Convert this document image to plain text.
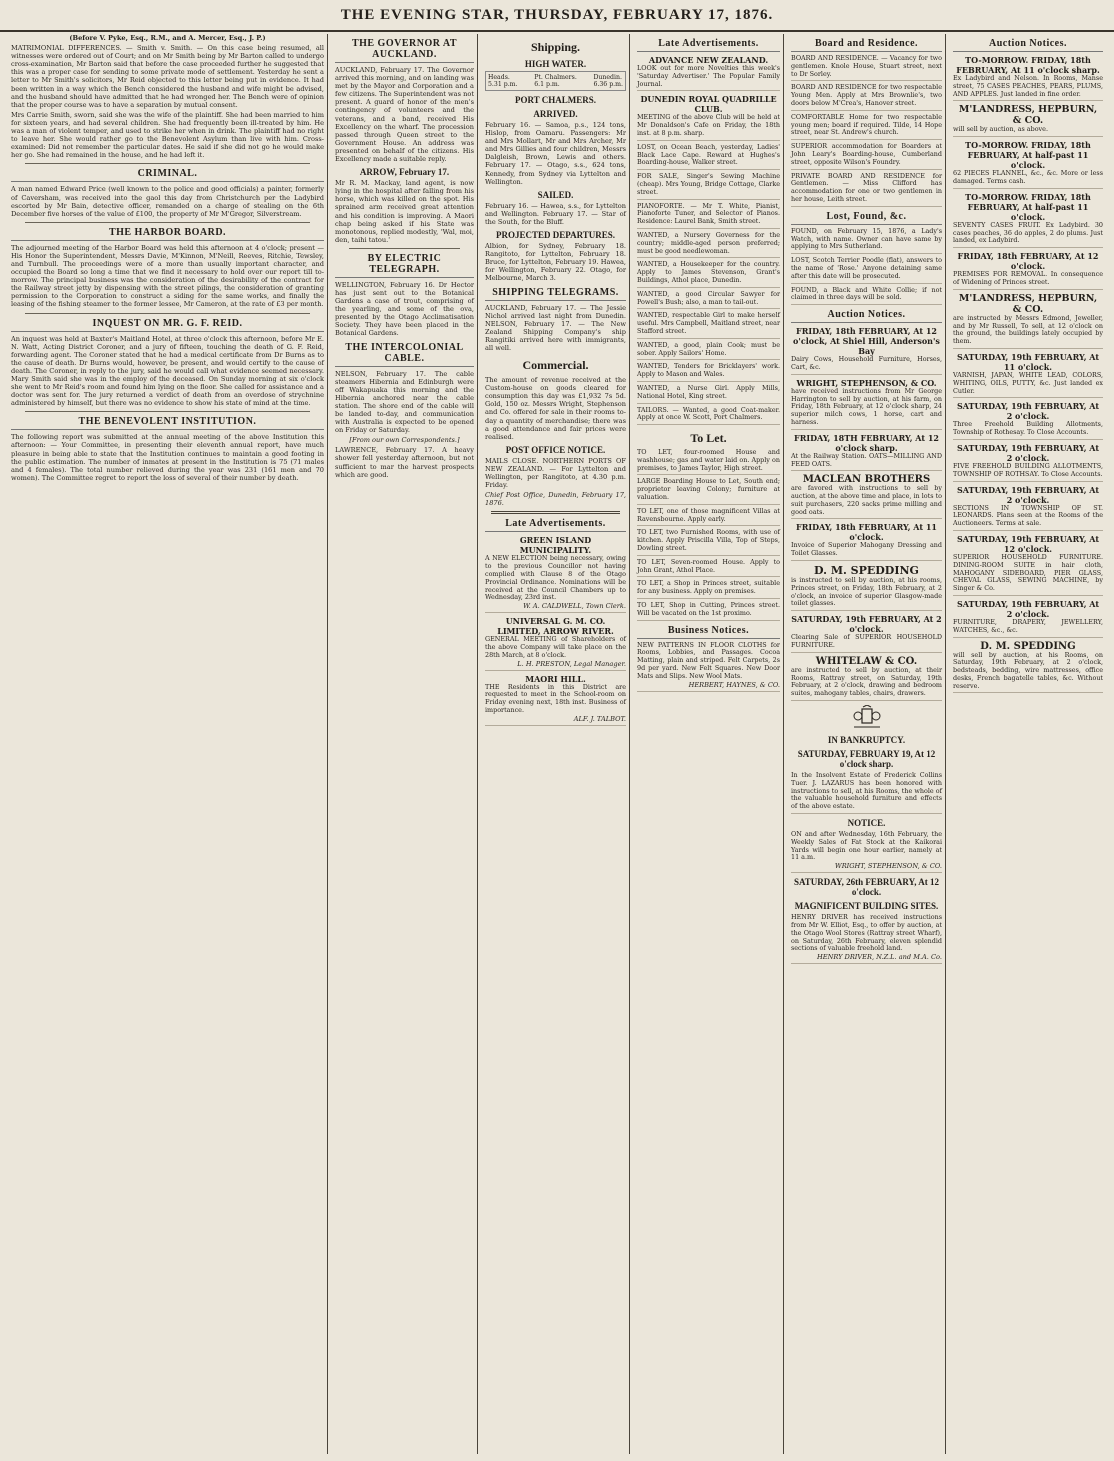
THE EVENING STAR, THURSDAY, FEBRUARY 17, 1876.
(Before V. Pyke, Esq., R.M., and A. Mercer, Esq., J. P.)
MATRIMONIAL DIFFERENCES. — Smith v. Smith. — On this case being resumed, all witnesses were ordered out of Court; and on Mr Smith being by Mr Barton called to undergo cross-examination, Mr Barton said that before the case proceeded further he suggested that this was a proper case for sending to some private mode of settlement. Yesterday he sent a letter to Mr Smith's solicitors, Mr Reid objected to this letter being put in evidence. It had been written in a way which the Bench considered the husband and wife might be advised, and the husband should have admitted that he had wronged her. The Bench were of opinion that the proper course was to have a separation by mutual consent.
Mrs Carrie Smith, sworn, said she was the wife of the plaintiff. She had been married to him for sixteen years, and had several children. She had frequently been ill-treated by him. He was a man of violent temper, and used to strike her when in drink. The plaintiff had no right to leave her. She would rather go to the Benevolent Asylum than live with him. Cross-examined: Did not remember the particular dates. He said if she did not go he would make her go. She had remained in the house, and he had left it.
CRIMINAL.
A man named Edward Price (well known to the police and good officials) a painter, formerly of Caversham, was received into the gaol this day from Christchurch per the Ladybird escorted by Mr Bain, detective officer, remanded on a charge of stealing on the 6th December five horses of the value of £100, the property of Mr M'Gregor, Silverstream.
THE HARBOR BOARD.
The adjourned meeting of the Harbor Board was held this afternoon at 4 o'clock; present — His Honor the Superintendent, Messrs Davie, M'Kinnon, M'Neill, Reeves, Ritchie, Tewsley, and Turnbull. The proceedings were of a more than usually important character, and occupied the Board so long a time that we find it necessary to hold over our report till to-morrow. The principal business was the consideration of the desirability of the contract for the Railway street jetty by dispensing with the street pilings, the consideration of granting permission to the Corporation to construct a siding for the same works, and finally the leasing of the fishing steamer to the former lessee, Mr Cameron, at the rate of £3 per month.
INQUEST ON MR. G. F. REID.
An inquest was held at Baxter's Maitland Hotel, at three o'clock this afternoon, before Mr E. N. Watt, Acting District Coroner, and a jury of fifteen, touching the death of G. F. Reid, forwarding agent. The Coroner stated that he had a medical certificate from Dr Burns as to the cause of death. Dr Burns would, however, be present, and would certify to the cause of death. The Coroner, in reply to the jury, said he would call what evidence seemed necessary. Mary Smith said she was in the employ of the deceased. On Sunday morning at six o'clock she went to Mr Reid's room and found him lying on the floor. She called for assistance and a doctor was sent for. The jury returned a verdict of death from an overdose of strychnine administered by himself, but there was no evidence to show his state of mind at the time.
THE BENEVOLENT INSTITUTION.
The following report was submitted at the annual meeting of the above Institution this afternoon: — Your Committee, in presenting their eleventh annual report, have much pleasure in being able to state that the Institution continues to maintain a good footing in the public estimation. The number of inmates at present in the Institution is 75 (71 males and 4 females). The total number relieved during the year was 231 (161 men and 70 women). The Committee regret to report the loss of several of their number by death.
THE GOVERNOR AT AUCKLAND.
AUCKLAND, February 17. The Governor arrived this morning, and on landing was met by the Mayor and Corporation and a few citizens. The Superintendent was not present. A guard of honor of the men's contingency of volunteers and the veterans, and a band, received His Excellency on the wharf. The procession passed through Queen street to the Government House. An address was presented on behalf of the citizens. His Excellency made a suitable reply.
ARROW, February 17.
Mr R. M. Mackay, land agent, is now lying in the hospital after falling from his horse, which was killed on the spot. His sprained arm received great attention and his condition is improving. A Maori chap being asked if his State was monotonous, replied modestly, 'Wal, moi, den, taihi tatou.'
BY ELECTRIC TELEGRAPH.
WELLINGTON, February 16. Dr Hector has just sent out to the Botanical Gardens a case of trout, comprising of the yearling, and some of the ova, presented by the Otago Acclimatisation Society. They have been placed in the Botanical Gardens.
THE INTERCOLONIAL CABLE.
NELSON, February 17. The cable steamers Hibernia and Edinburgh were off Wakapuaka this morning and the Hibernia anchored near the cable station. The shore end of the cable will be landed to-day, and communication with Australia is expected to be opened on Friday or Saturday.
[From our own Correspondents.]
LAWRENCE, February 17. A heavy shower fell yesterday afternoon, but not sufficient to mar the harvest prospects which are good.
Shipping.
HIGH WATER.
Heads.
5.31 p.m.
Pt. Chalmers.
6.1 p.m.
Dunedin.
6.36 p.m.
PORT CHALMERS.
ARRIVED.
February 16. — Samoa, p.s., 124 tons, Hislop, from Oamaru. Passengers: Mr and Mrs Mollart, Mr and Mrs Archer, Mr and Mrs Gillies and four children, Messrs Dalgleish, Brown, Lewis and others. February 17. — Otago, s.s., 624 tons, Kennedy, from Sydney via Lyttelton and Wellington.
SAILED.
February 16. — Hawea, s.s., for Lyttelton and Wellington. February 17. — Star of the South, for the Bluff.
PROJECTED DEPARTURES.
Albion, for Sydney, February 18. Rangitoto, for Lyttelton, February 18. Bruce, for Lyttelton, February 19. Hawea, for Wellington, February 22. Otago, for Melbourne, March 3.
SHIPPING TELEGRAMS.
AUCKLAND, February 17. — The Jessie Nichol arrived last night from Dunedin. NELSON, February 17. — The New Zealand Shipping Company's ship Rangitiki arrived here with immigrants, all well.
Commercial.
The amount of revenue received at the Custom-house on goods cleared for consumption this day was £1,932 7s 5d. Gold, 150 oz. Messrs Wright, Stephenson and Co. offered for sale in their rooms to-day a quantity of merchandise; there was a good attendance and fair prices were realised.
POST OFFICE NOTICE.
MAILS CLOSE. NORTHERN PORTS OF NEW ZEALAND. — For Lyttelton and Wellington, per Rangitoto, at 4.30 p.m. Friday.
Chief Post Office, Dunedin, February 17, 1876.
Late Advertisements.
GREEN ISLAND MUNICIPALITY.
A NEW ELECTION being necessary, owing to the previous Councillor not having complied with Clause 8 of the Otago Provincial Ordinance. Nominations will be received at the Council Chambers up to Wednesday, 23rd inst.
W. A. CALDWELL, Town Clerk.
UNIVERSAL G. M. CO. LIMITED, ARROW RIVER.
GENERAL MEETING of Shareholders of the above Company will take place on the 28th March, at 8 o'clock.
L. H. PRESTON, Legal Manager.
MAORI HILL.
THE Residents in this District are requested to meet in the School-room on Friday evening next, 18th inst. Business of importance.
ALF. J. TALBOT.
Late Advertisements.
ADVANCE NEW ZEALAND.
LOOK out for more Novelties this week's 'Saturday Advertiser.' The Popular Family Journal.
DUNEDIN ROYAL QUADRILLE CLUB.
MEETING of the above Club will be held at Mr Donaldson's Cafe on Friday, the 18th inst. at 8 p.m. sharp.
LOST, on Ocean Beach, yesterday, Ladies' Black Lace Cape. Reward at Hughes's Boarding-house, Walker street.
FOR SALE, Singer's Sewing Machine (cheap). Mrs Young, Bridge Cottage, Clarke street.
PIANOFORTE. — Mr T. White, Pianist, Pianoforte Tuner, and Selector of Pianos. Residence: Laurel Bank, Smith street.
WANTED, a Nursery Governess for the country; middle-aged person preferred; must be good needlewoman.
WANTED, a Housekeeper for the country. Apply to James Stevenson, Grant's Buildings, Athol place, Dunedin.
WANTED, a good Circular Sawyer for Powell's Bush; also, a man to tail-out.
WANTED, respectable Girl to make herself useful. Mrs Campbell, Maitland street, near Stafford street.
WANTED, a good, plain Cook; must be sober. Apply Sailors' Home.
WANTED, Tenders for Bricklayers' work. Apply to Mason and Wales.
WANTED, a Nurse Girl. Apply Mills, National Hotel, King street.
TAILORS. — Wanted, a good Coat-maker. Apply at once W. Scott, Port Chalmers.
To Let.
TO LET, four-roomed House and washhouse; gas and water laid on. Apply on premises, to James Taylor, High street.
LARGE Boarding House to Let, South end; proprietor leaving Colony; furniture at valuation.
TO LET, one of those magnificent Villas at Ravensbourne. Apply early.
TO LET, two Furnished Rooms, with use of kitchen. Apply Priscilla Villa, Top of Steps, Dowling street.
TO LET, Seven-roomed House. Apply to John Grant, Athol Place.
TO LET, a Shop in Princes street, suitable for any business. Apply on premises.
TO LET, Shop in Cutting, Princes street. Will be vacated on the 1st proximo.
Business Notices.
NEW PATTERNS IN FLOOR CLOTHS for Rooms, Lobbies, and Passages. Cocoa Matting, plain and striped. Felt Carpets, 2s 9d per yard. New Felt Squares. New Door Mats and Slips. New Wool Mats.
HERBERT, HAYNES, & CO.
Board and Residence.
BOARD AND RESIDENCE. — Vacancy for two gentlemen. Knole House, Stuart street, next to Dr Sorley.
BOARD AND RESIDENCE for two respectable Young Men. Apply at Mrs Brownlie's, two doors below M'Crea's, Hanover street.
COMFORTABLE Home for two respectable young men; board if required. Tilde, 14 Hope street, near St. Andrew's church.
SUPERIOR accommodation for Boarders at John Leary's Boarding-house, Cumberland street, opposite Wilson's Foundry.
PRIVATE BOARD AND RESIDENCE for Gentlemen. — Miss Clifford has accommodation for one or two gentlemen in her house, Leith street.
Lost, Found, &c.
FOUND, on February 15, 1876, a Lady's Watch, with name. Owner can have same by applying to Mrs Sutherland.
LOST, Scotch Terrier Poodle (flat), answers to the name of 'Rose.' Anyone detaining same after this date will be prosecuted.
FOUND, a Black and White Collie; if not claimed in three days will be sold.
Auction Notices.
FRIDAY, 18th FEBRUARY, At 12 o'clock, At Shiel Hill, Anderson's Bay
Dairy Cows, Household Furniture, Horses, Cart, &c.
WRIGHT, STEPHENSON, & CO.
have received instructions from Mr George Harrington to sell by auction, at his farm, on Friday, 18th February, at 12 o'clock sharp, 24 superior milch cows, 1 horse, cart and harness.
FRIDAY, 18TH FEBRUARY, At 12 o'clock sharp.
At the Railway Station. OATS—MILLING AND FEED OATS.
MACLEAN BROTHERS
are favored with instructions to sell by auction, at the above time and place, in lots to suit purchasers, 220 sacks prime milling and good oats.
FRIDAY, 18th FEBRUARY, At 11 o'clock.
Invoice of Superior Mahogany Dressing and Toilet Glasses.
D. M. SPEDDING
is instructed to sell by auction, at his rooms, Princes street, on Friday, 18th February, at 2 o'clock, an invoice of superior Glasgow-made toilet glasses.
SATURDAY, 19th FEBRUARY, At 2 o'clock.
Clearing Sale of SUPERIOR HOUSEHOLD FURNITURE.
WHITELAW & CO.
are instructed to sell by auction, at their Rooms, Rattray street, on Saturday, 19th February, at 2 o'clock, drawing and bedroom suites, mahogany tables, chairs, drawers.
IN BANKRUPTCY.
SATURDAY, FEBRUARY 19, At 12 o'clock sharp.
In the Insolvent Estate of Frederick Collins Tuer. J. LAZARUS has been honored with instructions to sell, at his Rooms, the whole of the valuable household furniture and effects of the above estate.
NOTICE.
ON and after Wednesday, 16th February, the Weekly Sales of Fat Stock at the Kaikorai Yards will begin one hour earlier, namely at 11 a.m.
WRIGHT, STEPHENSON, & CO.
SATURDAY, 26th FEBRUARY, At 12 o'clock.
MAGNIFICENT BUILDING SITES.
HENRY DRIVER has received instructions from Mr W. Elliot, Esq., to offer by auction, at the Otago Wool Stores (Rattray street Wharf), on Saturday, 26th February, eleven splendid sections of valuable freehold land.
HENRY DRIVER, N.Z.L. and M.A. Co.
Auction Notices.
TO-MORROW. FRIDAY, 18th FEBRUARY, At 11 o'clock sharp.
Ex Ladybird and Nelson. In Rooms, Manse street, 75 CASES PEACHES, PEARS, PLUMS, AND APPLES. Just landed in fine order.
M'LANDRESS, HEPBURN, & CO.
will sell by auction, as above.
TO-MORROW. FRIDAY, 18th FEBRUARY, At half-past 11 o'clock.
62 PIECES FLANNEL, &c., &c. More or less damaged. Terms cash.
TO-MORROW. FRIDAY, 18th FEBRUARY, At half-past 11 o'clock.
SEVENTY CASES FRUIT. Ex Ladybird. 30 cases peaches, 36 do apples, 2 do plums. Just landed, ex Ladybird.
FRIDAY, 18th FEBRUARY, At 12 o'clock.
PREMISES FOR REMOVAL. In consequence of Widening of Princes street.
M'LANDRESS, HEPBURN, & CO.
are instructed by Messrs Edmond, Jeweller, and by Mr Russell, To sell, at 12 o'clock on the ground, the buildings lately occupied by them.
SATURDAY, 19th FEBRUARY, At 11 o'clock.
VARNISH, JAPAN, WHITE LEAD, COLORS, WHITING, OILS, PUTTY, &c. Just landed ex Cutler.
SATURDAY, 19th FEBRUARY, At 2 o'clock.
Three Freehold Building Allotments, Township of Rothesay. To Close Accounts.
SATURDAY, 19th FEBRUARY, At 2 o'clock.
FIVE FREEHOLD BUILDING ALLOTMENTS, TOWNSHIP OF ROTHSAY. To Close Accounts.
SATURDAY, 19th FEBRUARY, At 2 o'clock.
SECTIONS IN TOWNSHIP OF ST. LEONARDS. Plans seen at the Rooms of the Auctioneers. Terms at sale.
SATURDAY, 19th FEBRUARY, At 12 o'clock.
SUPERIOR HOUSEHOLD FURNITURE. DINING-ROOM SUITE in hair cloth, MAHOGANY SIDEBOARD, PIER GLASS, CHEVAL GLASS, SEWING MACHINE, by Singer & Co.
SATURDAY, 19th FEBRUARY, At 2 o'clock.
FURNITURE, DRAPERY, JEWELLERY, WATCHES, &c., &c.
D. M. SPEDDING
will sell by auction, at his Rooms, on Saturday, 19th February, at 2 o'clock, bedsteads, bedding, wire mattresses, office desks, French bagatelle tables, &c. Without reserve.
